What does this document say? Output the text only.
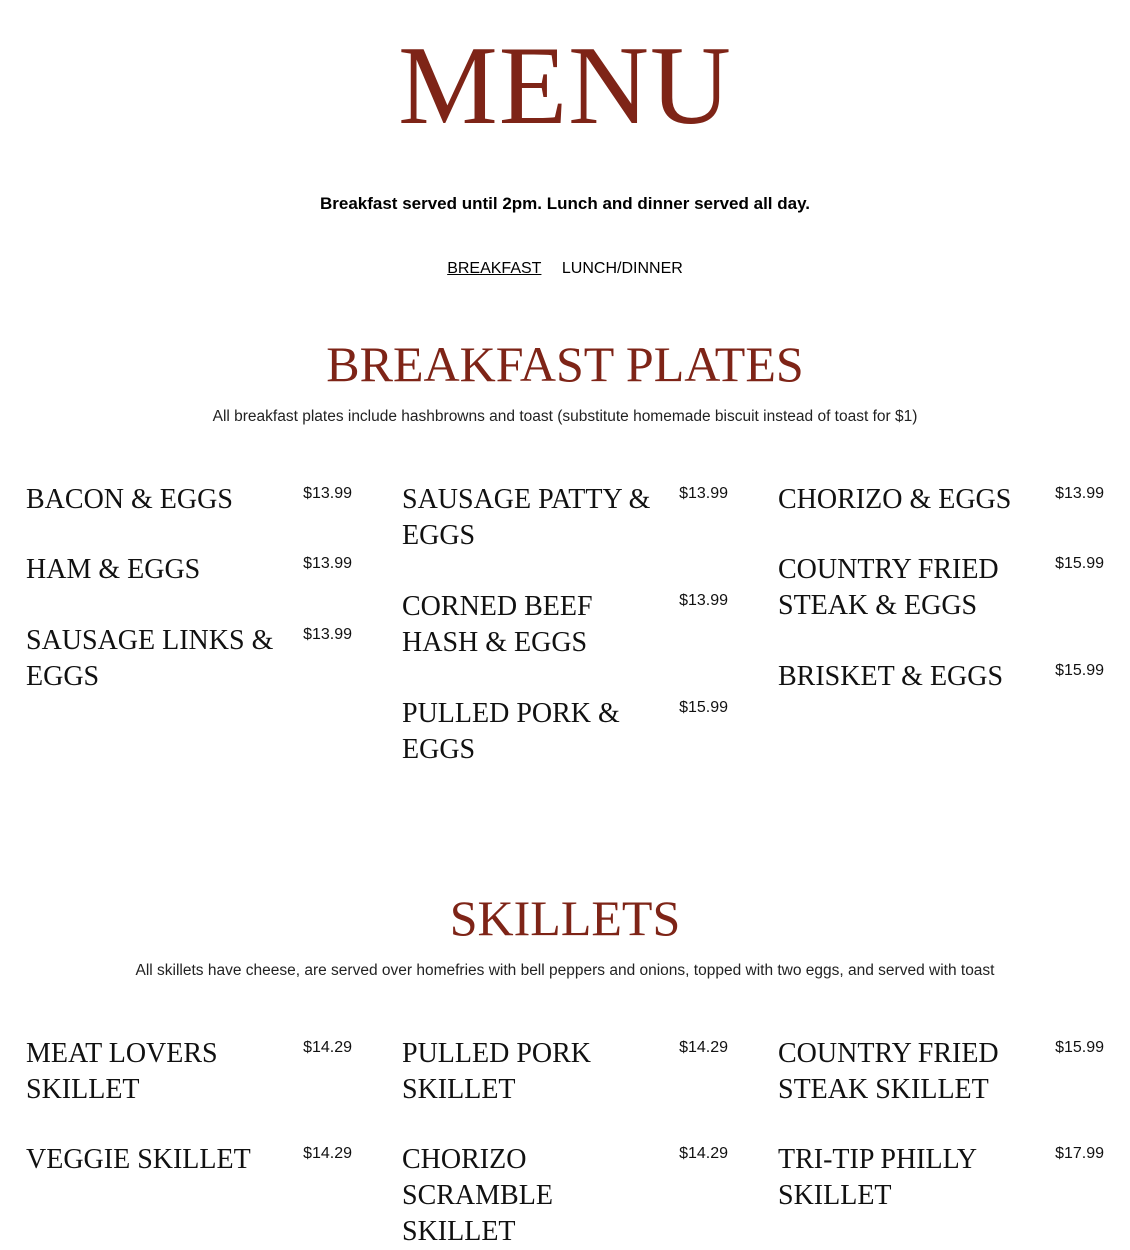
MENU
Breakfast served until 2pm. Lunch and dinner served all day.
BREAKFAST LUNCH/DINNER
BREAKFAST PLATES
All breakfast plates include hashbrowns and toast (substitute homemade biscuit instead of toast for $1)
BACON & EGGS	$13.99
HAM & EGGS	$13.99
SAUSAGE LINKS & EGGS
$13.99
SAUSAGE PATTY & EGGS
$13.99
CORNED BEEF HASH & EGGS
$13.99
PULLED PORK & EGGS
$15.99
CHORIZO & EGGS	$13.99
COUNTRY FRIED STEAK & EGGS
$15.99
BRISKET & EGGS	$15.99
SKILLETS
All skillets have cheese, are served over homefries with bell peppers and onions, topped with two eggs, and served with toast
MEAT LOVERS SKILLET
$14.29
VEGGIE SKILLET	$14.29
PULLED PORK SKILLET
$14.29
CHORIZO SCRAMBLE SKILLET
$14.29
COUNTRY FRIED STEAK SKILLET
$15.99
TRI-TIP PHILLY SKILLET
$17.99
